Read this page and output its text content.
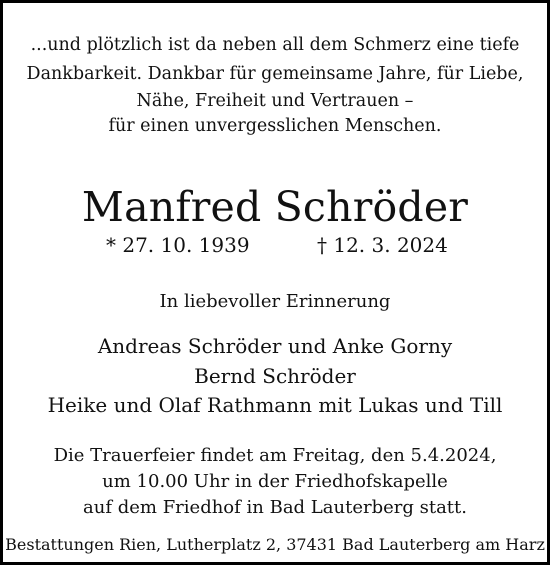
...und plötzlich ist da neben all dem Schmerz eine tiefe
Dankbarkeit. Dankbar für gemeinsame Jahre, für Liebe,
Nähe, Freiheit und Vertrauen –
für einen unvergesslichen Menschen.
Manfred Schröder
* 27. 10. 1939	† 12. 3. 2024
In liebevoller Erinnerung
Andreas Schröder und Anke Gorny
Bernd Schröder
Heike und Olaf Rathmann mit Lukas und Till
Die Trauerfeier findet am Freitag, den 5.4.2024,
um 10.00 Uhr in der Friedhofskapelle
auf dem Friedhof in Bad Lauterberg statt.
Bestattungen Rien, Lutherplatz 2, 37431 Bad Lauterberg am Harz
